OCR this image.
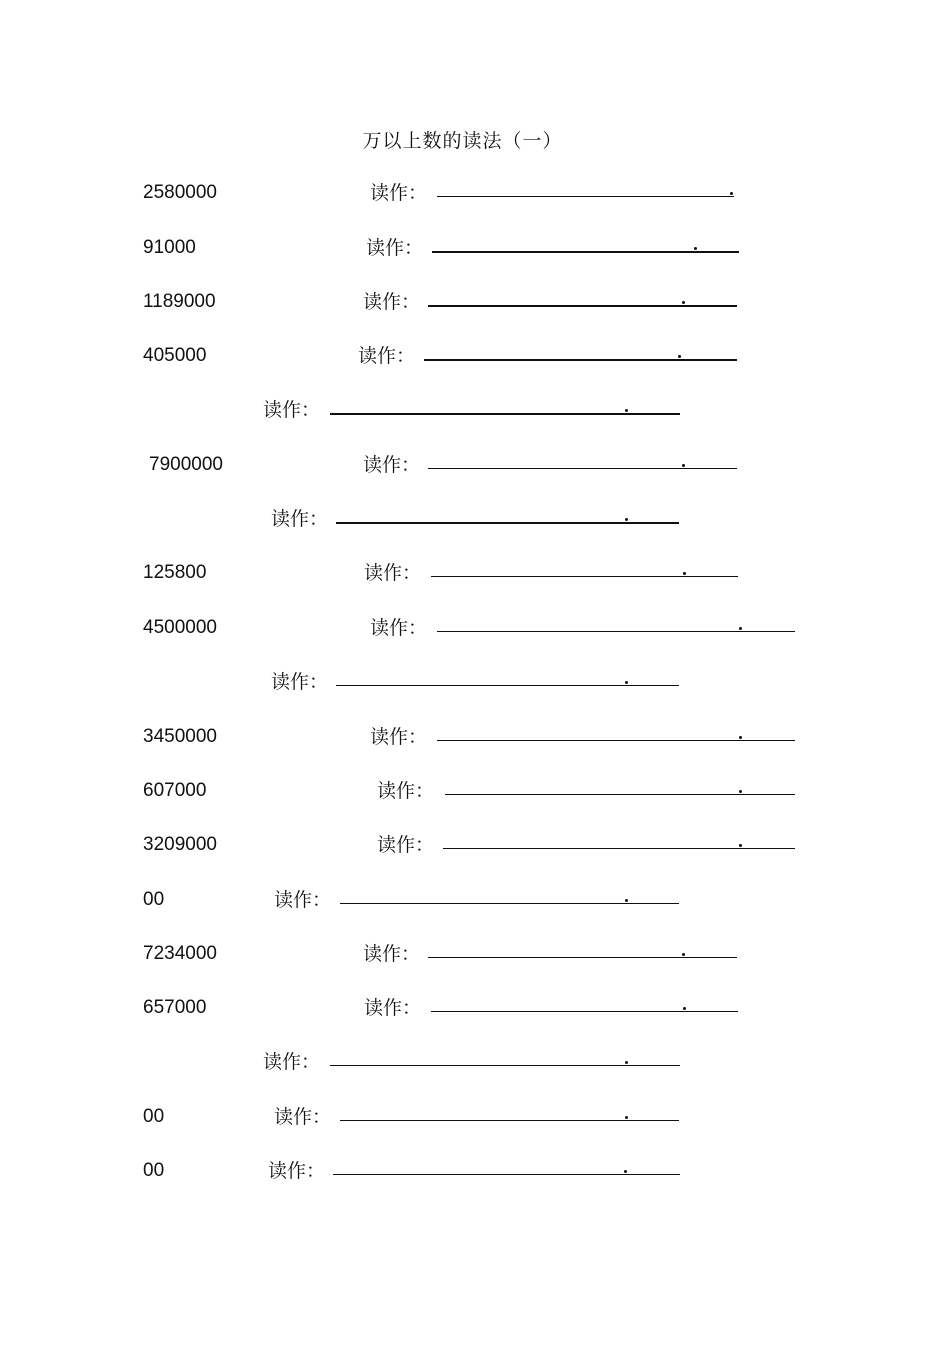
万以上数的读法（一）
2580000	读作：
91000	读作：
1189000	读作：
405000	读作：
读作：
7900000	读作：
读作：
125800	读作：
4500000	读作：
读作：
3450000	读作：
607000	读作：
3209000	读作：
00	读作：
7234000	读作：
657000	读作：
读作：
00	读作：
00	读作：
